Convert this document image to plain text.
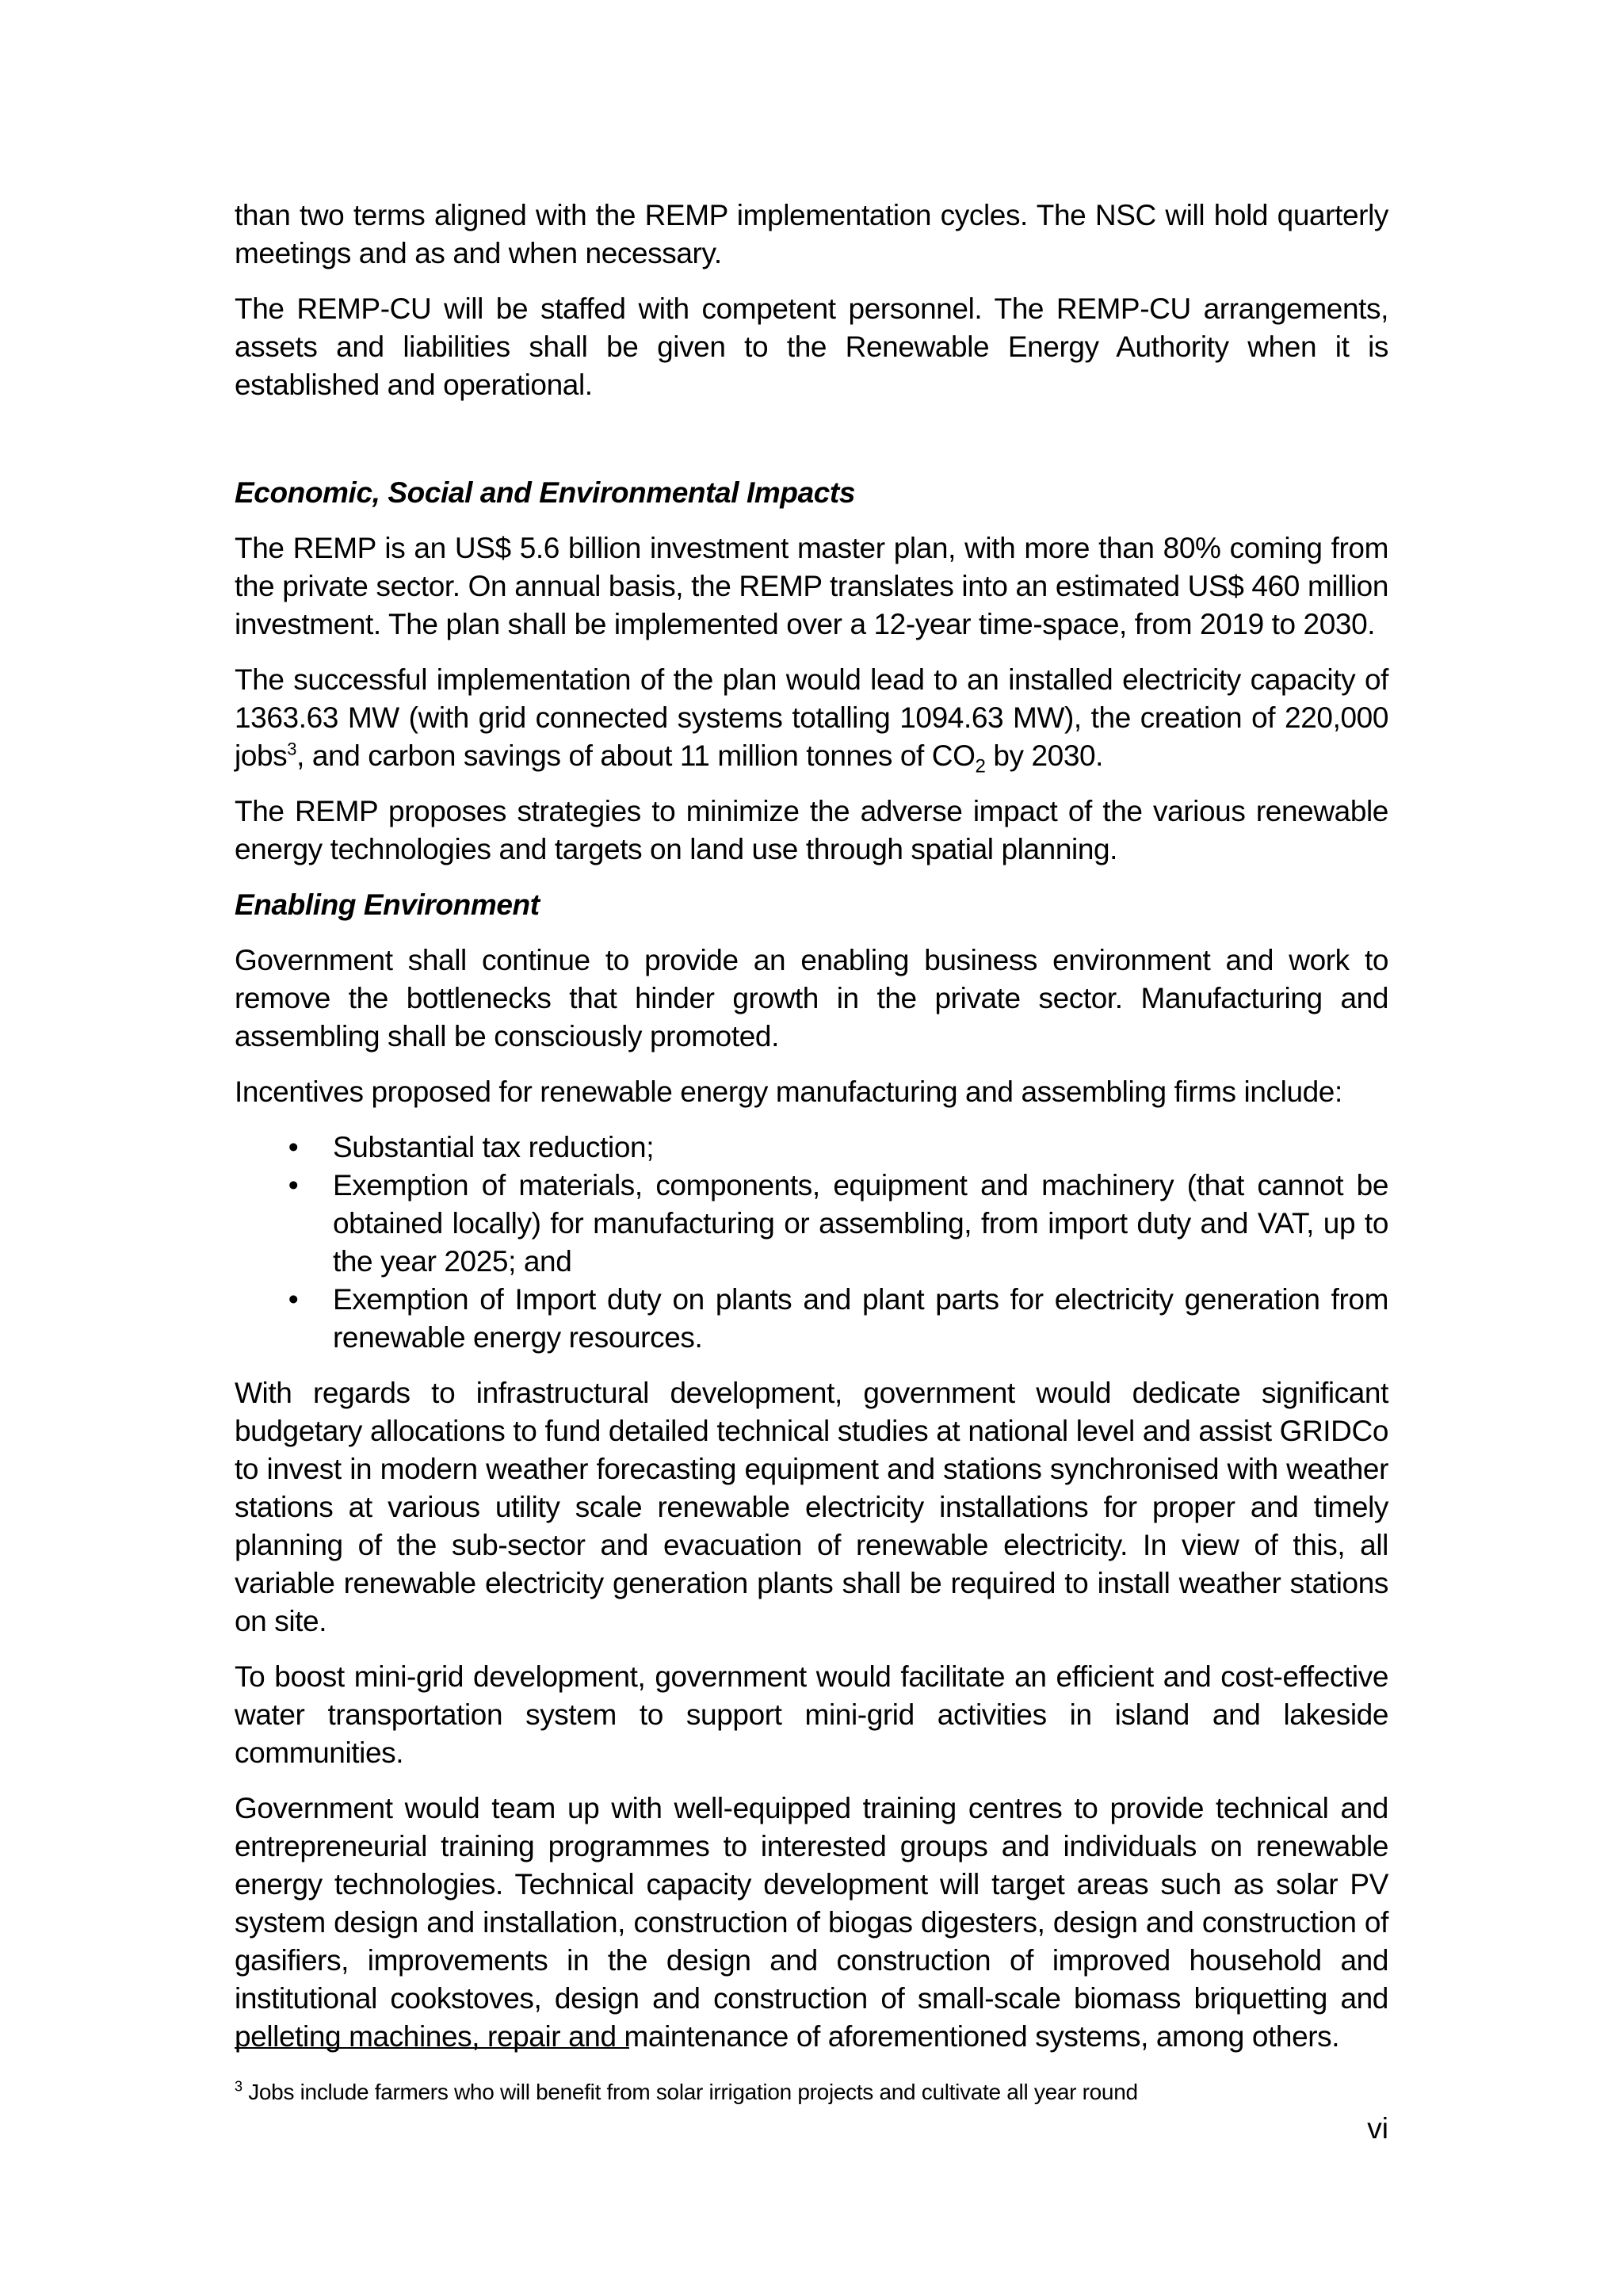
than two terms aligned with the REMP implementation cycles. The NSC will hold quarterly meetings and as and when necessary.

The REMP-CU will be staffed with competent personnel. The REMP-CU arrangements, assets and liabilities shall be given to the Renewable Energy Authority when it is established and operational.

Economic, Social and Environmental Impacts

The REMP is an US$ 5.6 billion investment master plan, with more than 80% coming from the private sector. On annual basis, the REMP translates into an estimated US$ 460 million investment. The plan shall be implemented over a 12-year time-space, from 2019 to 2030.

The successful implementation of the plan would lead to an installed electricity capacity of 1363.63 MW (with grid connected systems totalling 1094.63 MW), the creation of 220,000 jobs$^3$, and carbon savings of about 11 million tonnes of $CO_2$ by 2030.

The REMP proposes strategies to minimize the adverse impact of the various renewable energy technologies and targets on land use through spatial planning.

Enabling Environment

Government shall continue to provide an enabling business environment and work to remove the bottlenecks that hinder growth in the private sector. Manufacturing and assembling shall be consciously promoted.

Incentives proposed for renewable energy manufacturing and assembling firms include:

• Substantial tax reduction;
• Exemption of materials, components, equipment and machinery (that cannot be obtained locally) for manufacturing or assembling, from import duty and VAT, up to the year 2025; and
• Exemption of Import duty on plants and plant parts for electricity generation from renewable energy resources.

With regards to infrastructural development, government would dedicate significant budgetary allocations to fund detailed technical studies at national level and assist GRIDCo to invest in modern weather forecasting equipment and stations synchronised with weather stations at various utility scale renewable electricity installations for proper and timely planning of the sub-sector and evacuation of renewable electricity. In view of this, all variable renewable electricity generation plants shall be required to install weather stations on site.

To boost mini-grid development, government would facilitate an efficient and cost-effective water transportation system to support mini-grid activities in island and lakeside communities.

Government would team up with well-equipped training centres to provide technical and entrepreneurial training programmes to interested groups and individuals on renewable energy technologies. Technical capacity development will target areas such as solar PV system design and installation, construction of biogas digesters, design and construction of gasifiers, improvements in the design and construction of improved household and institutional cookstoves, design and construction of small-scale biomass briquetting and pelleting machines, repair and maintenance of aforementioned systems, among others.

$^3$ Jobs include farmers who will benefit from solar irrigation projects and cultivate all year round
vi
